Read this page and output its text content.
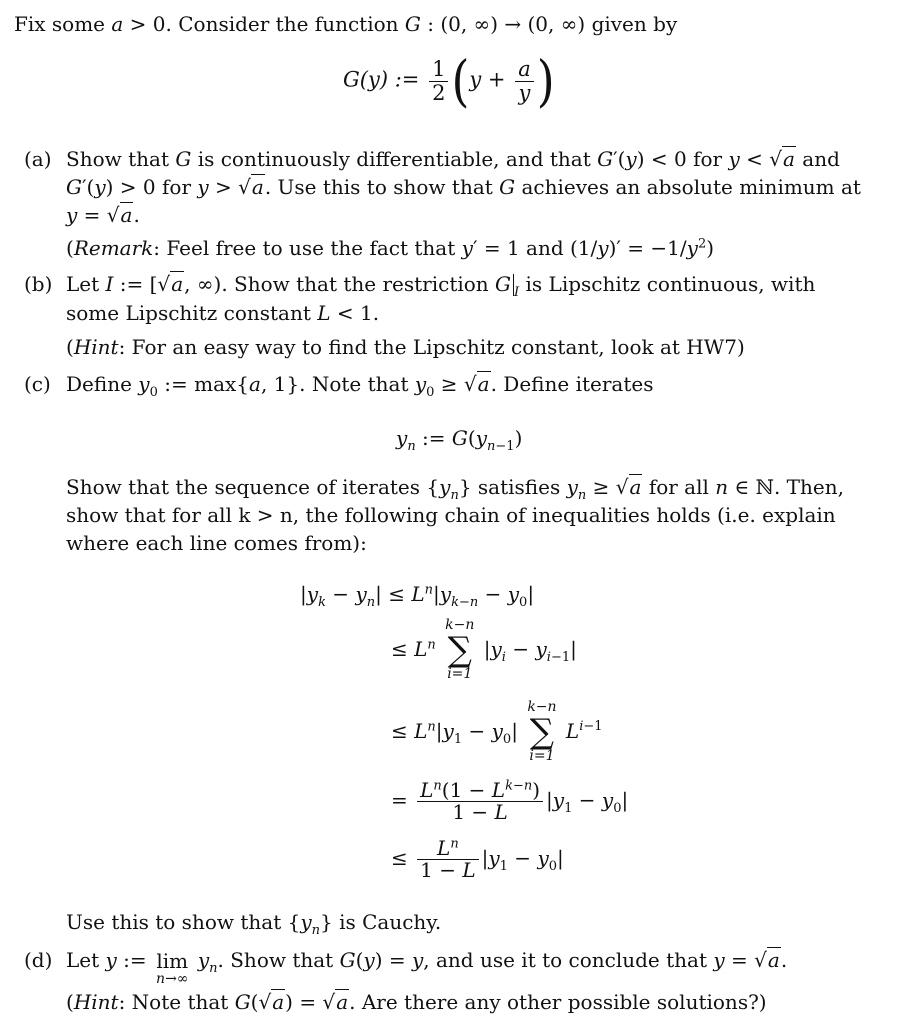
Fix some a > 0. Consider the function G : (0, ∞) → (0, ∞) given by
G(y) := $\frac{1}{2} (y + \frac{a}{y}$ )
(a) Show that G is continuously differentiable, and that G′(y) < 0 for y < √a and
G′(y) > 0 for y > √a. Use this to show that G achieves an absolute minimum at
y = √a.
(Remark: Feel free to use the fact that y′ = 1 and $(1/y)' = -1/y^2$)
(b) Let I := [√a, ∞). Show that the restriction G $_I$ is Lipschitz continuous, with
some Lipschitz constant L < 1.
(Hint: For an easy way to find the Lipschitz constant, look at HW7)
(c) Define $y_0$ := max{a, 1}. Note that $y_0 \ge √a$. Define iterates
$y_n$ := $G(y_{n-1})$
Show that the sequence of iterates $\{y_n\}$ satisfies $y_n \ge √a$ for all n ∈ ℕ. Then,
show that for all k > n, the following chain of inequalities holds (i.e. explain
where each line comes from):
$|y_k - y_n| \le L^n|y_{k-n} - y_0|$
≤ $L^n$
k−n
∑
i=1
$|y_i - y_{i-1}|$
≤ $L^n|y_1 - y_0|$
k−n
∑
i=1
$L^{i-1}$
= $\frac{L^n(1 - L^{k-n})}{1 - L} |y_1 - y_0|$
≤ $\frac{L^n}{1 - L} |y_1 - y_0|$
Use this to show that $\{y_n\}$ is Cauchy.
(d) Let y := lim
n→∞
$y_n$. Show that G(y) = y, and use it to conclude that y = √a.
(Hint: Note that G(√a) = √a. Are there any other possible solutions?)
